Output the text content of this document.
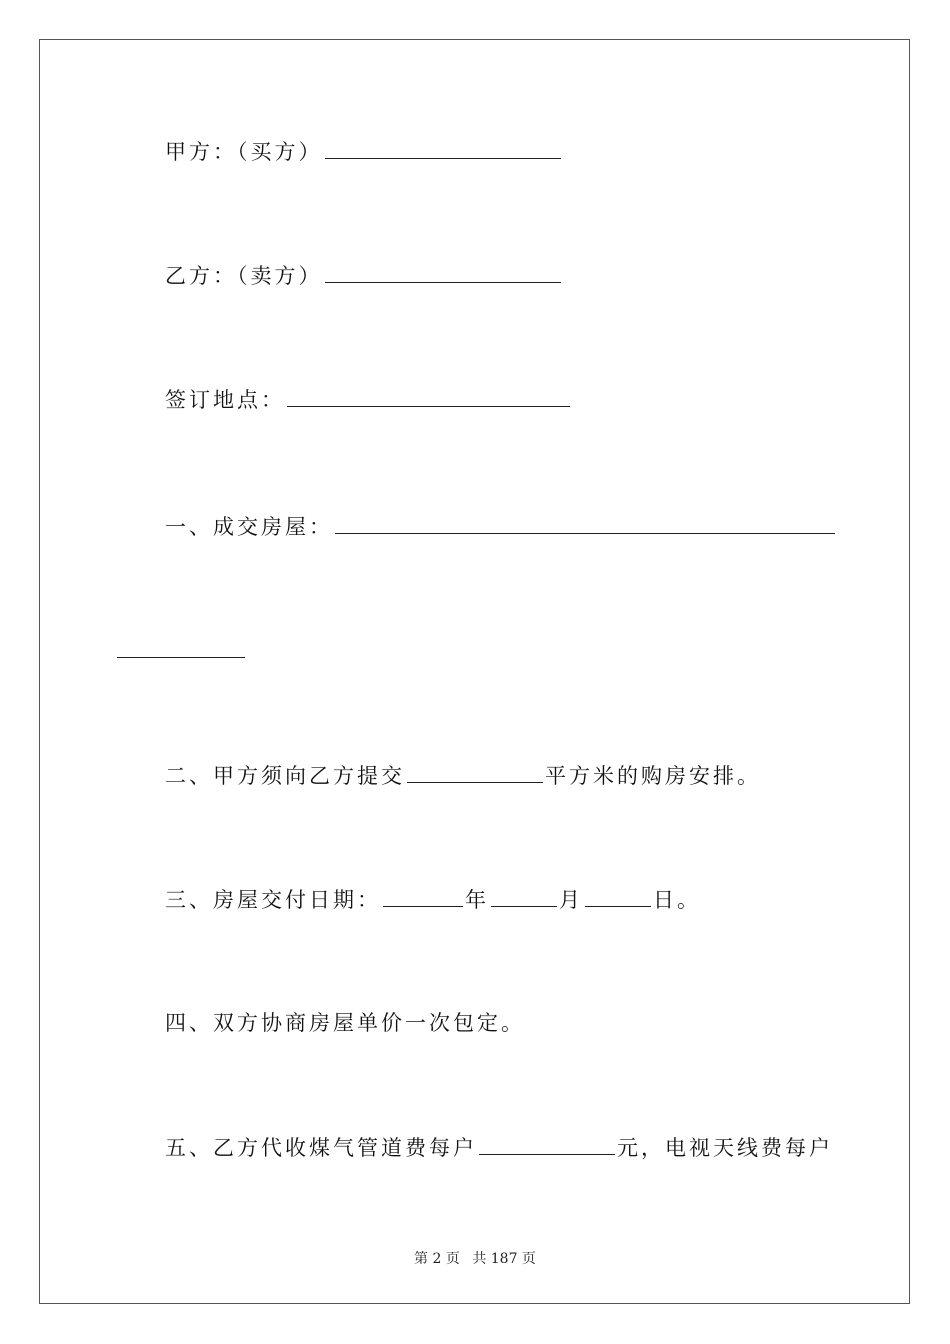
甲方：（买方）
乙方：（卖方）
签订地点：
一、成交房屋：
二、甲方须向乙方提交	平方米的购房安排。
三、房屋交付日期：	年	月	日。
四、双方协商房屋单价一次包定。
五、乙方代收煤气管道费每户	元，电视天线费每户
第 2 页 共 187 页
